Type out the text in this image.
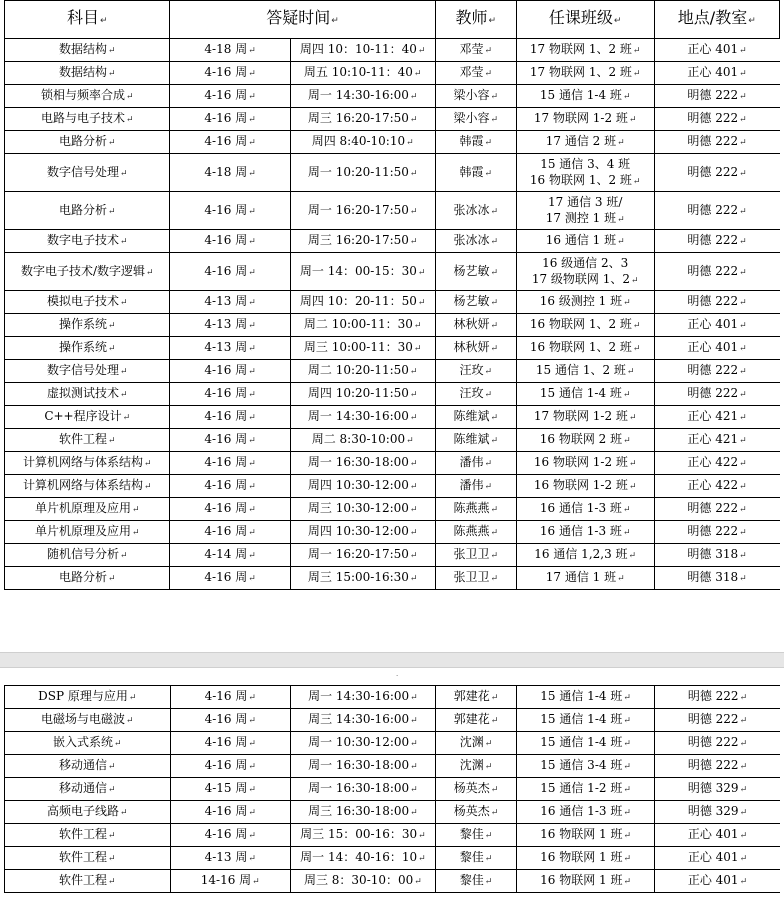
科目 ↵	答疑时间 ↵		教师 ↵	任课班级 ↵	地点/教室 ↵
数据结构 ↵	4-18 周 ↵	周四 10：10-11：40 ↵	邓莹 ↵	17 物联网 1、2 班 ↵	正心 401 ↵
数据结构 ↵	4-16 周 ↵	周五 10:10-11：40 ↵	邓莹 ↵	17 物联网 1、2 班 ↵	正心 401 ↵
锁相与频率合成 ↵	4-16 周 ↵	周一 14:30-16:00 ↵	梁小容 ↵	15 通信 1-4 班 ↵	明德 222 ↵
电路与电子技术 ↵	4-16 周 ↵	周三 16:20-17:50 ↵	梁小容 ↵	17 物联网 1-2 班 ↵	明德 222 ↵
电路分析 ↵	4-16 周 ↵	周四 8:40-10:10 ↵	韩霞 ↵	17 通信 2 班 ↵	明德 222 ↵
数字信号处理 ↵	4-18 周 ↵	周一 10:20-11:50 ↵	韩霞 ↵	15 通信 3、4 班
16 物联网 1、2 班 ↵	明德 222 ↵
电路分析 ↵	4-16 周 ↵	周一 16:20-17:50 ↵	张冰冰 ↵	17 通信 3 班/
17 测控 1 班 ↵	明德 222 ↵
数字电子技术 ↵	4-16 周 ↵	周三 16:20-17:50 ↵	张冰冰 ↵	16 通信 1 班 ↵	明德 222 ↵
数字电子技术/数字逻辑 ↵	4-16 周 ↵	周一 14：00-15：30 ↵	杨艺敏 ↵	16 级通信 2、3
17 级物联网 1、2 ↵	明德 222 ↵
模拟电子技术 ↵	4-13 周 ↵	周四 10：20-11：50 ↵	杨艺敏 ↵	16 级测控 1 班 ↵	明德 222 ↵
操作系统 ↵	4-13 周 ↵	周二 10:00-11：30 ↵	林秋妍 ↵	16 物联网 1、2 班 ↵	正心 401 ↵
操作系统 ↵	4-13 周 ↵	周三 10:00-11：30 ↵	林秋妍 ↵	16 物联网 1、2 班 ↵	正心 401 ↵
数字信号处理 ↵	4-16 周 ↵	周二 10:20-11:50 ↵	汪玫 ↵	15 通信 1、2 班 ↵	明德 222 ↵
虚拟测试技术 ↵	4-16 周 ↵	周四 10:20-11:50 ↵	汪玫 ↵	15 通信 1-4 班 ↵	明德 222 ↵
C++程序设计 ↵	4-16 周 ↵	周一 14:30-16:00 ↵	陈维斌 ↵	17 物联网 1-2 班 ↵	正心 421 ↵
软件工程 ↵	4-16 周 ↵	周二 8:30-10:00 ↵	陈维斌 ↵	16 物联网 2 班 ↵	正心 421 ↵
计算机网络与体系结构 ↵	4-16 周 ↵	周一 16:30-18:00 ↵	潘伟 ↵	16 物联网 1-2 班 ↵	正心 422 ↵
计算机网络与体系结构 ↵	4-16 周 ↵	周四 10:30-12:00 ↵	潘伟 ↵	16 物联网 1-2 班 ↵	正心 422 ↵
单片机原理及应用 ↵	4-16 周 ↵	周三 10:30-12:00 ↵	陈燕燕 ↵	16 通信 1-3 班 ↵	明德 222 ↵
单片机原理及应用 ↵	4-16 周 ↵	周四 10:30-12:00 ↵	陈燕燕 ↵	16 通信 1-3 班 ↵	明德 222 ↵
随机信号分析 ↵	4-14 周 ↵	周一 16:20-17:50 ↵	张卫卫 ↵	16 通信 1,2,3 班 ↵	明德 318 ↵
电路分析 ↵	4-16 周 ↵	周三 15:00-16:30 ↵	张卫卫 ↵	17 通信 1 班 ↵	明德 318 ↵
.
DSP 原理与应用 ↵	4-16 周 ↵	周一 14:30-16:00 ↵	郭建花 ↵	15 通信 1-4 班 ↵	明德 222 ↵
电磁场与电磁波 ↵	4-16 周 ↵	周三 14:30-16:00 ↵	郭建花 ↵	15 通信 1-4 班 ↵	明德 222 ↵
嵌入式系统 ↵	4-16 周 ↵	周一 10:30-12:00 ↵	沈渊 ↵	15 通信 1-4 班 ↵	明德 222 ↵
移动通信 ↵	4-16 周 ↵	周一 16:30-18:00 ↵	沈渊 ↵	15 通信 3-4 班 ↵	明德 222 ↵
移动通信 ↵	4-15 周 ↵	周一 16:30-18:00 ↵	杨英杰 ↵	15 通信 1-2 班 ↵	明德 329 ↵
高频电子线路 ↵	4-16 周 ↵	周三 16:30-18:00 ↵	杨英杰 ↵	16 通信 1-3 班 ↵	明德 329 ↵
软件工程 ↵	4-16 周 ↵	周三 15：00-16：30 ↵	黎佳 ↵	16 物联网 1 班 ↵	正心 401 ↵
软件工程 ↵	4-13 周 ↵	周一 14：40-16：10 ↵	黎佳 ↵	16 物联网 1 班 ↵	正心 401 ↵
软件工程 ↵	14-16 周 ↵	周三 8：30-10：00 ↵	黎佳 ↵	16 物联网 1 班 ↵	正心 401 ↵
